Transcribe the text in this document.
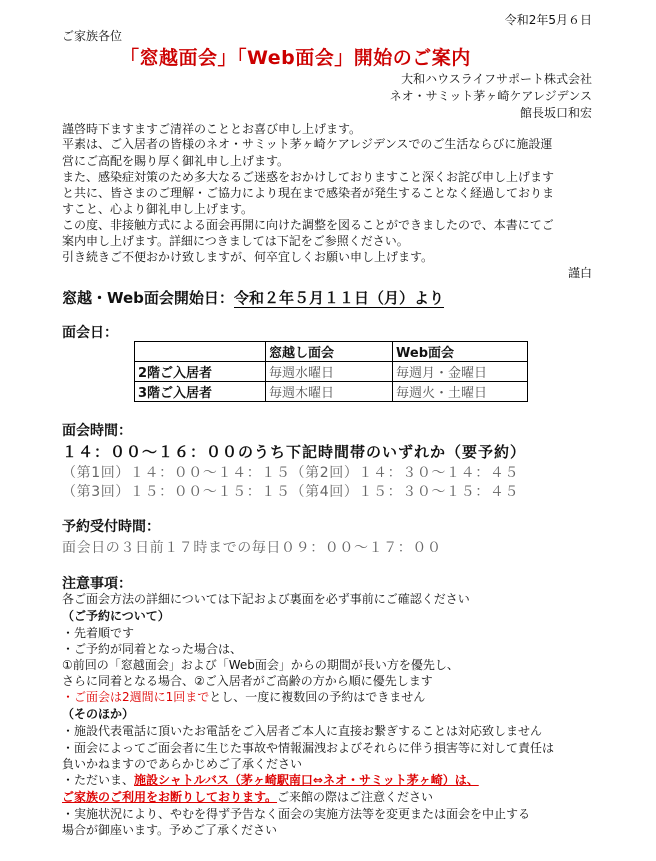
令和2年5月６日
ご家族各位
「窓越面会」「Web面会」開始のご案内
大和ハウスライフサポート株式会社
ネオ・サミット茅ヶ崎ケアレジデンス
館長坂口和宏
謹啓時下ますますご清祥のこととお喜び申し上げます。
平素は、ご入居者の皆様のネオ・サミット茅ヶ崎ケアレジデンスでのご生活ならびに施設運
営にご高配を賜り厚く御礼申し上げます。
また、感染症対策のため多大なるご迷惑をおかけしておりますこと深くお詫び申し上げます
と共に、皆さまのご理解・ご協力により現在まで感染者が発生することなく経過しておりま
すこと、心より御礼申し上げます。
この度、非接触方式による面会再開に向けた調整を図ることができましたので、本書にてご
案内申し上げます。詳細につきましては下記をご参照ください。
引き続きご不便おかけ致しますが、何卒宜しくお願い申し上げます。
謹白
窓越・Web面会開始日：令和２年５月１１日（月）より
面会日：
	窓越し面会	Web面会
2階ご入居者	毎週水曜日	毎週月・金曜日
3階ご入居者	毎週木曜日	毎週火・土曜日
面会時間：
１４：００～１６：００のうち下記時間帯のいずれか（要予約）
（第1回）１４：００～１４：１５（第2回）１４：３０～１４：４５
（第3回）１５：００～１５：１５（第4回）１５：３０～１５：４５
予約受付時間：
面会日の３日前１７時までの毎日０９：００～１７：００
注意事項：
各ご面会方法の詳細については下記および裏面を必ず事前にご確認ください
（ご予約について）
・先着順です
・ご予約が同着となった場合は、
①前回の「窓越面会」および「Web面会」からの期間が長い方を優先し、
さらに同着となる場合、②ご入居者がご高齢の方から順に優先します
・ご面会は2週間に1回までとし、一度に複数回の予約はできません
（そのほか）
・施設代表電話に頂いたお電話をご入居者ご本人に直接お繋ぎすることは対応致しません
・面会によってご面会者に生じた事故や情報漏洩およびそれらに伴う損害等に対して責任は
負いかねますのであらかじめご了承ください
・ただいま、施設シャトルバス（茅ヶ崎駅南口⇔ネオ・サミット茅ヶ崎）は、
ご家族のご利用をお断りしております。ご来館の際はご注意ください
・実施状況により、やむを得ず予告なく面会の実施方法等を変更または面会を中止する
場合が御座います。予めご了承ください
